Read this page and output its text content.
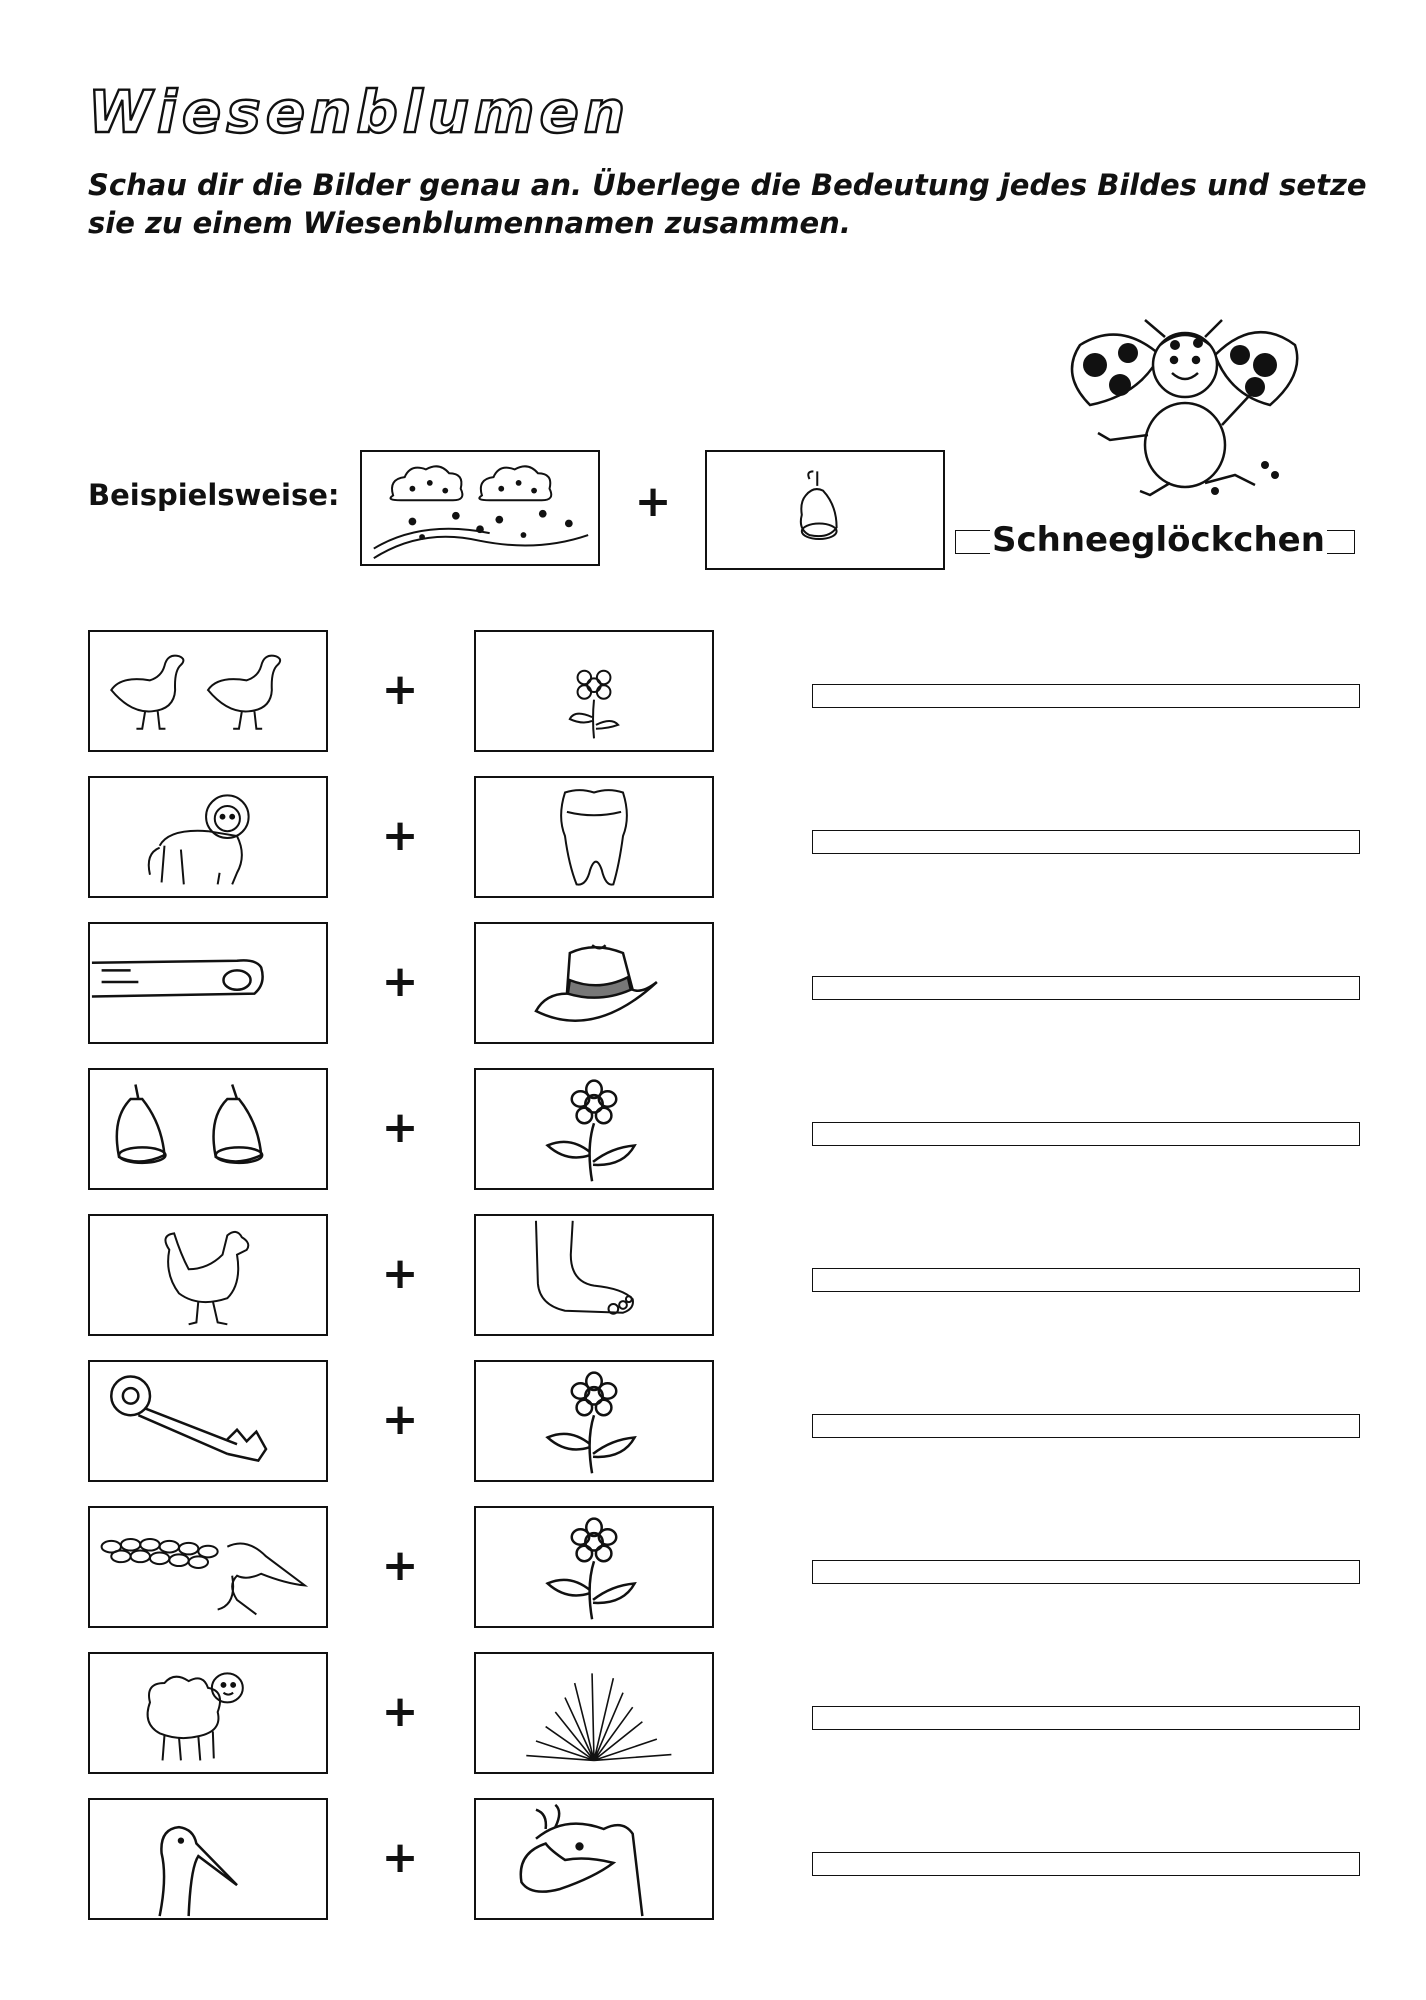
Wiesenblumen

Schau dir die Bilder genau an. Überlege die Bedeutung jedes Bildes und setze sie zu einem Wiesenblumennamen zusammen.

Beispielsweise:	+
Schneeglöckchen
+
+
+
+
+
+
+
+
+
